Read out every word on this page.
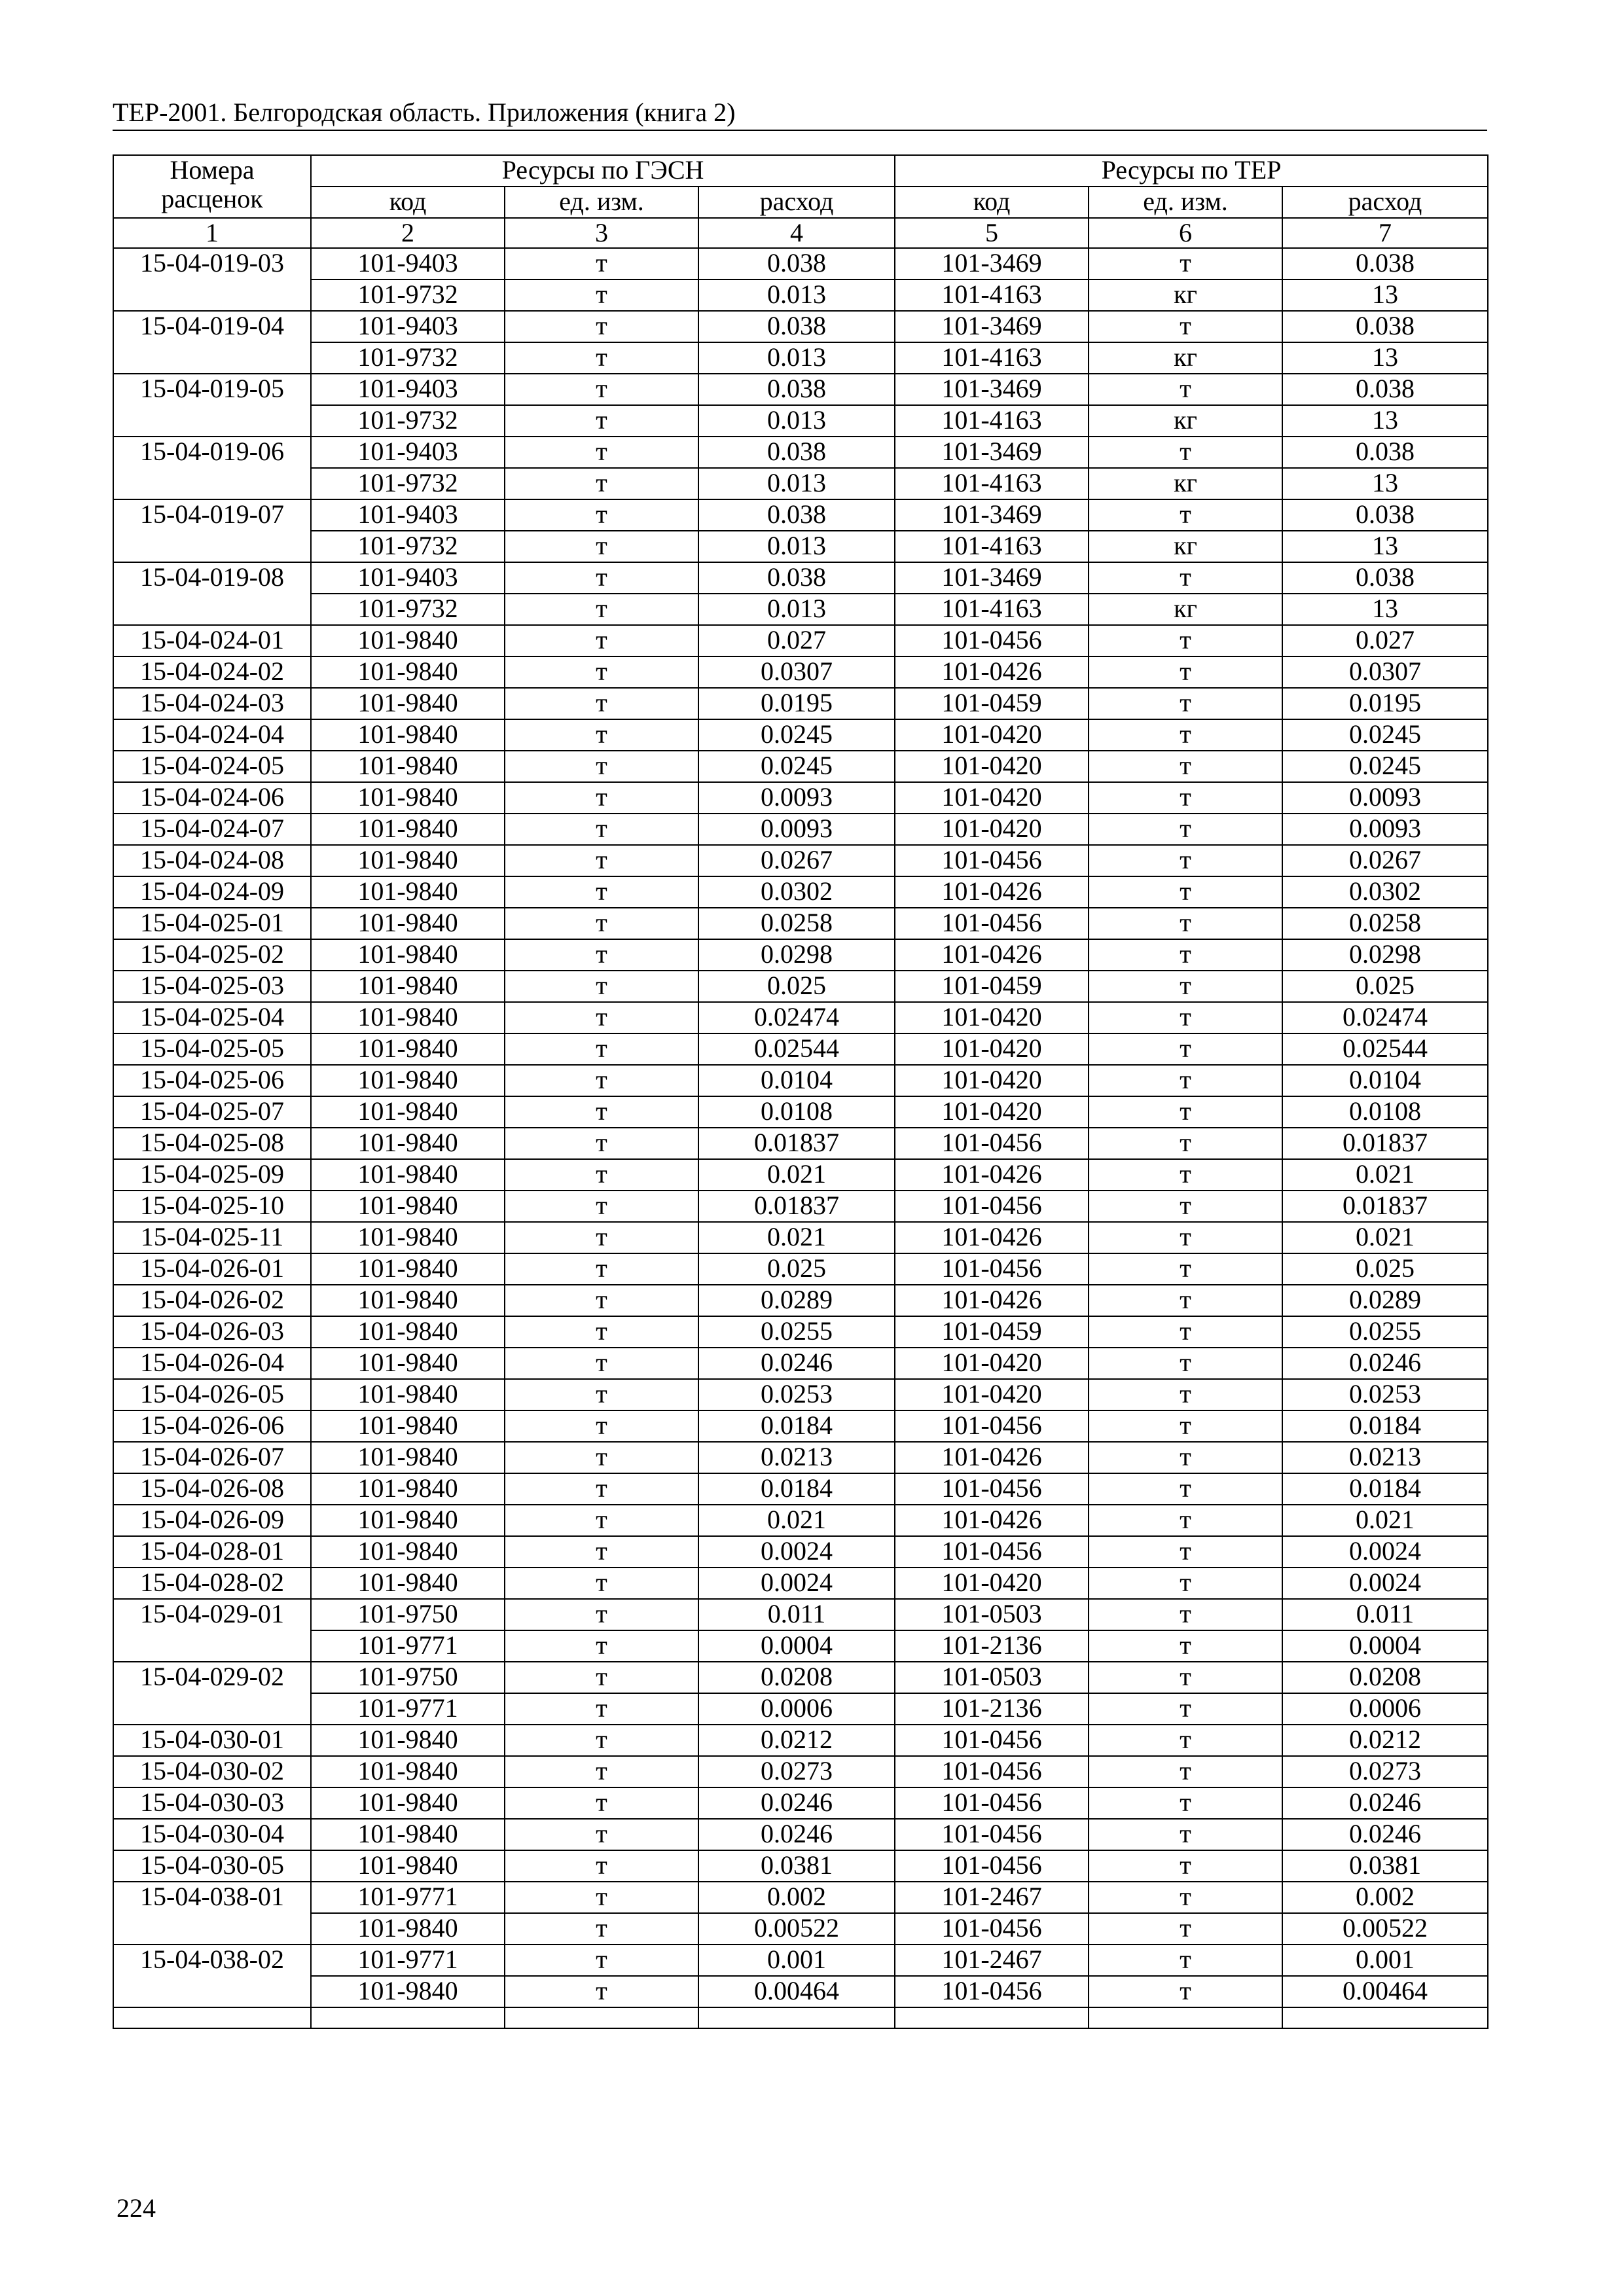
ТЕР-2001. Белгородская область. Приложения (книга 2)
Номера расценок	Ресурсы по ГЭСН			Ресурсы по ТЕР		
	код	ед. изм.	расход	код	ед. изм.	расход
1	2	3	4	5	6	7
15-04-019-03	101-9403	т	0.038	101-3469	т	0.038
	101-9732	т	0.013	101-4163	кг	13
15-04-019-04	101-9403	т	0.038	101-3469	т	0.038
	101-9732	т	0.013	101-4163	кг	13
15-04-019-05	101-9403	т	0.038	101-3469	т	0.038
	101-9732	т	0.013	101-4163	кг	13
15-04-019-06	101-9403	т	0.038	101-3469	т	0.038
	101-9732	т	0.013	101-4163	кг	13
15-04-019-07	101-9403	т	0.038	101-3469	т	0.038
	101-9732	т	0.013	101-4163	кг	13
15-04-019-08	101-9403	т	0.038	101-3469	т	0.038
	101-9732	т	0.013	101-4163	кг	13
15-04-024-01	101-9840	т	0.027	101-0456	т	0.027
15-04-024-02	101-9840	т	0.0307	101-0426	т	0.0307
15-04-024-03	101-9840	т	0.0195	101-0459	т	0.0195
15-04-024-04	101-9840	т	0.0245	101-0420	т	0.0245
15-04-024-05	101-9840	т	0.0245	101-0420	т	0.0245
15-04-024-06	101-9840	т	0.0093	101-0420	т	0.0093
15-04-024-07	101-9840	т	0.0093	101-0420	т	0.0093
15-04-024-08	101-9840	т	0.0267	101-0456	т	0.0267
15-04-024-09	101-9840	т	0.0302	101-0426	т	0.0302
15-04-025-01	101-9840	т	0.0258	101-0456	т	0.0258
15-04-025-02	101-9840	т	0.0298	101-0426	т	0.0298
15-04-025-03	101-9840	т	0.025	101-0459	т	0.025
15-04-025-04	101-9840	т	0.02474	101-0420	т	0.02474
15-04-025-05	101-9840	т	0.02544	101-0420	т	0.02544
15-04-025-06	101-9840	т	0.0104	101-0420	т	0.0104
15-04-025-07	101-9840	т	0.0108	101-0420	т	0.0108
15-04-025-08	101-9840	т	0.01837	101-0456	т	0.01837
15-04-025-09	101-9840	т	0.021	101-0426	т	0.021
15-04-025-10	101-9840	т	0.01837	101-0456	т	0.01837
15-04-025-11	101-9840	т	0.021	101-0426	т	0.021
15-04-026-01	101-9840	т	0.025	101-0456	т	0.025
15-04-026-02	101-9840	т	0.0289	101-0426	т	0.0289
15-04-026-03	101-9840	т	0.0255	101-0459	т	0.0255
15-04-026-04	101-9840	т	0.0246	101-0420	т	0.0246
15-04-026-05	101-9840	т	0.0253	101-0420	т	0.0253
15-04-026-06	101-9840	т	0.0184	101-0456	т	0.0184
15-04-026-07	101-9840	т	0.0213	101-0426	т	0.0213
15-04-026-08	101-9840	т	0.0184	101-0456	т	0.0184
15-04-026-09	101-9840	т	0.021	101-0426	т	0.021
15-04-028-01	101-9840	т	0.0024	101-0456	т	0.0024
15-04-028-02	101-9840	т	0.0024	101-0420	т	0.0024
15-04-029-01	101-9750	т	0.011	101-0503	т	0.011
	101-9771	т	0.0004	101-2136	т	0.0004
15-04-029-02	101-9750	т	0.0208	101-0503	т	0.0208
	101-9771	т	0.0006	101-2136	т	0.0006
15-04-030-01	101-9840	т	0.0212	101-0456	т	0.0212
15-04-030-02	101-9840	т	0.0273	101-0456	т	0.0273
15-04-030-03	101-9840	т	0.0246	101-0456	т	0.0246
15-04-030-04	101-9840	т	0.0246	101-0456	т	0.0246
15-04-030-05	101-9840	т	0.0381	101-0456	т	0.0381
15-04-038-01	101-9771	т	0.002	101-2467	т	0.002
	101-9840	т	0.00522	101-0456	т	0.00522
15-04-038-02	101-9771	т	0.001	101-2467	т	0.001
	101-9840	т	0.00464	101-0456	т	0.00464

224
